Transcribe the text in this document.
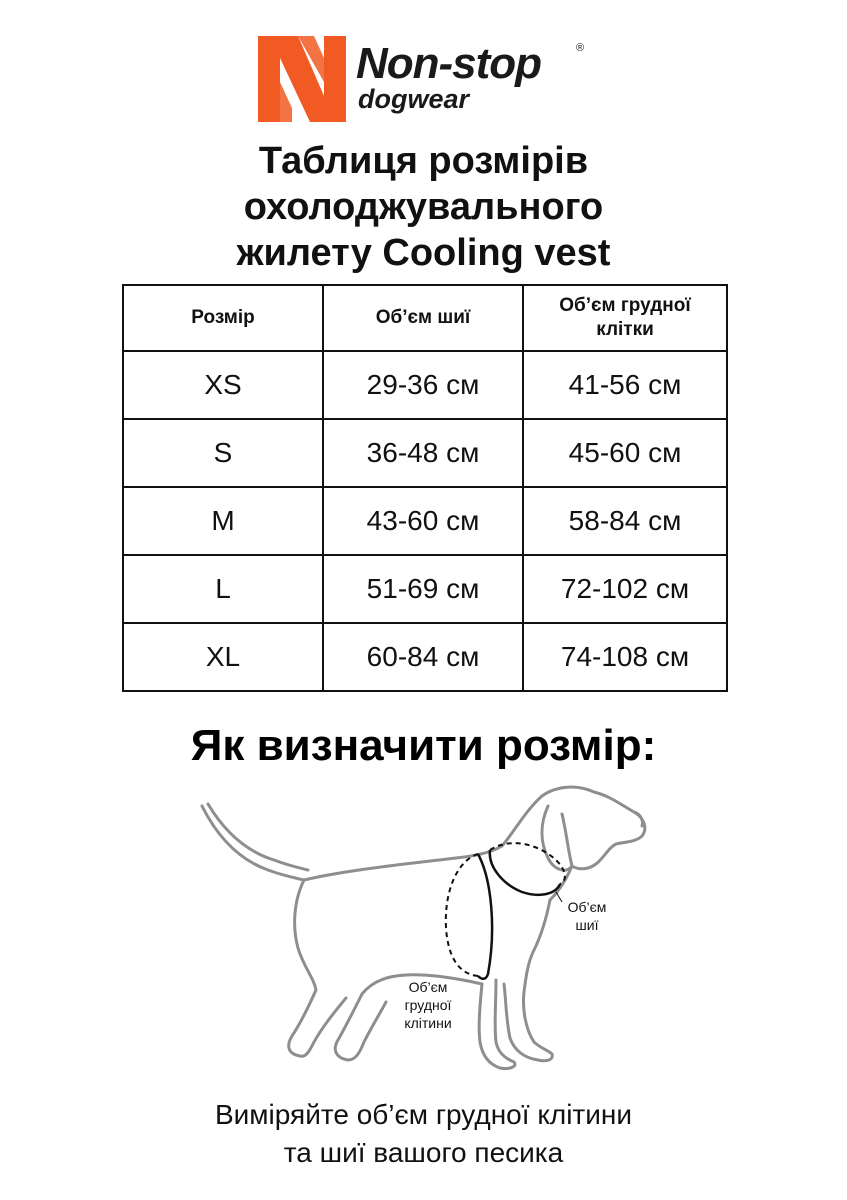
Non-stop	®
dogwear
Таблиця розмірів
охолоджувального
жилету Cooling vest
Розмір	Об’єм шиї	Об’єм грудної клітки
XS	29-36 см	41-56 см
S	36-48 см	45-60 см
M	43-60 см	58-84 см
L	51-69 см	72-102 см
XL	60-84 см	74-108 см
Як визначити розмір:
Об’єм
шиї
Об’єм
грудної
клітини
Виміряйте об’єм грудної клітини
та шиї вашого песика
